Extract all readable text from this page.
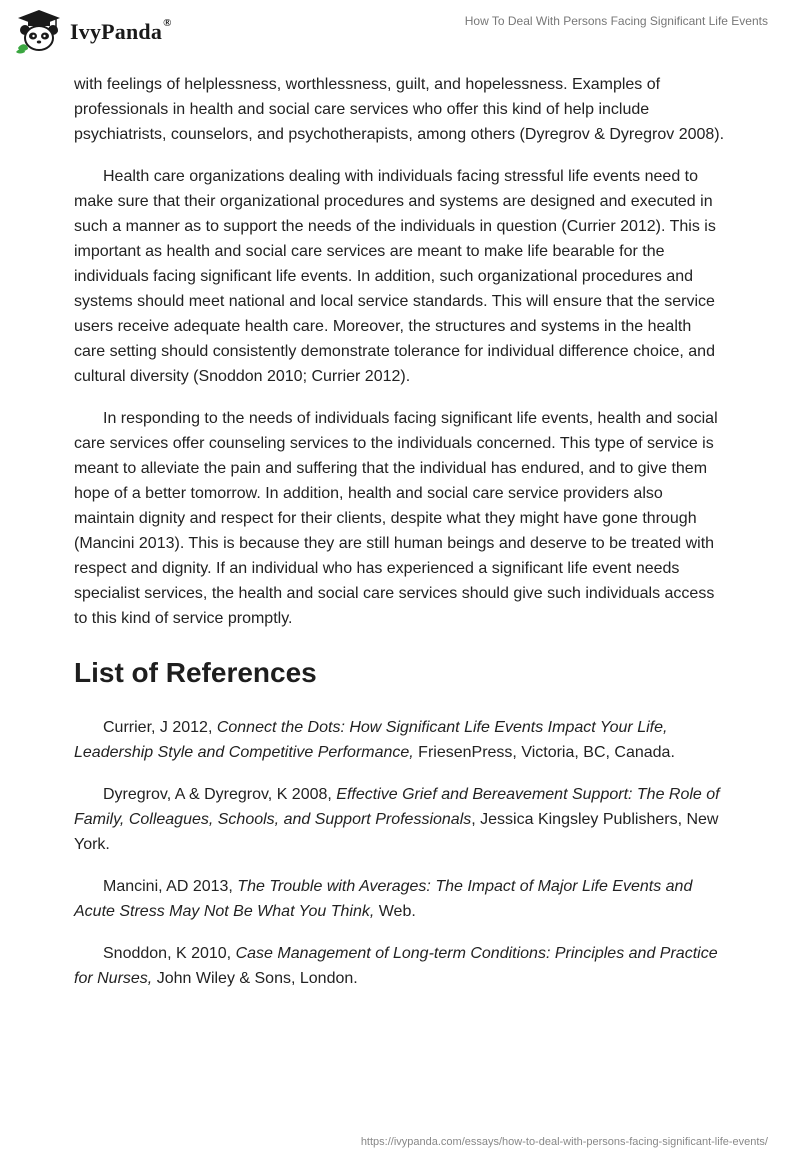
IvyPanda®	How To Deal With Persons Facing Significant Life Events

with feelings of helplessness, worthlessness, guilt, and hopelessness. Examples of professionals in health and social care services who offer this kind of help include psychiatrists, counselors, and psychotherapists, among others (Dyregrov & Dyregrov 2008).

Health care organizations dealing with individuals facing stressful life events need to make sure that their organizational procedures and systems are designed and executed in such a manner as to support the needs of the individuals in question (Currier 2012). This is important as health and social care services are meant to make life bearable for the individuals facing significant life events. In addition, such organizational procedures and systems should meet national and local service standards. This will ensure that the service users receive adequate health care. Moreover, the structures and systems in the health care setting should consistently demonstrate tolerance for individual difference choice, and cultural diversity (Snoddon 2010; Currier 2012).

In responding to the needs of individuals facing significant life events, health and social care services offer counseling services to the individuals concerned. This type of service is meant to alleviate the pain and suffering that the individual has endured, and to give them hope of a better tomorrow. In addition, health and social care service providers also maintain dignity and respect for their clients, despite what they might have gone through (Mancini 2013). This is because they are still human beings and deserve to be treated with respect and dignity. If an individual who has experienced a significant life event needs specialist services, the health and social care services should give such individuals access to this kind of service promptly.

List of References

Currier, J 2012, Connect the Dots: How Significant Life Events Impact Your Life, Leadership Style and Competitive Performance, FriesenPress, Victoria, BC, Canada.

Dyregrov, A & Dyregrov, K 2008, Effective Grief and Bereavement Support: The Role of Family, Colleagues, Schools, and Support Professionals, Jessica Kingsley Publishers, New York.

Mancini, AD 2013, The Trouble with Averages: The Impact of Major Life Events and Acute Stress May Not Be What You Think, Web.

Snoddon, K 2010, Case Management of Long-term Conditions: Principles and Practice for Nurses, John Wiley & Sons, London.

https://ivypanda.com/essays/how-to-deal-with-persons-facing-significant-life-events/
